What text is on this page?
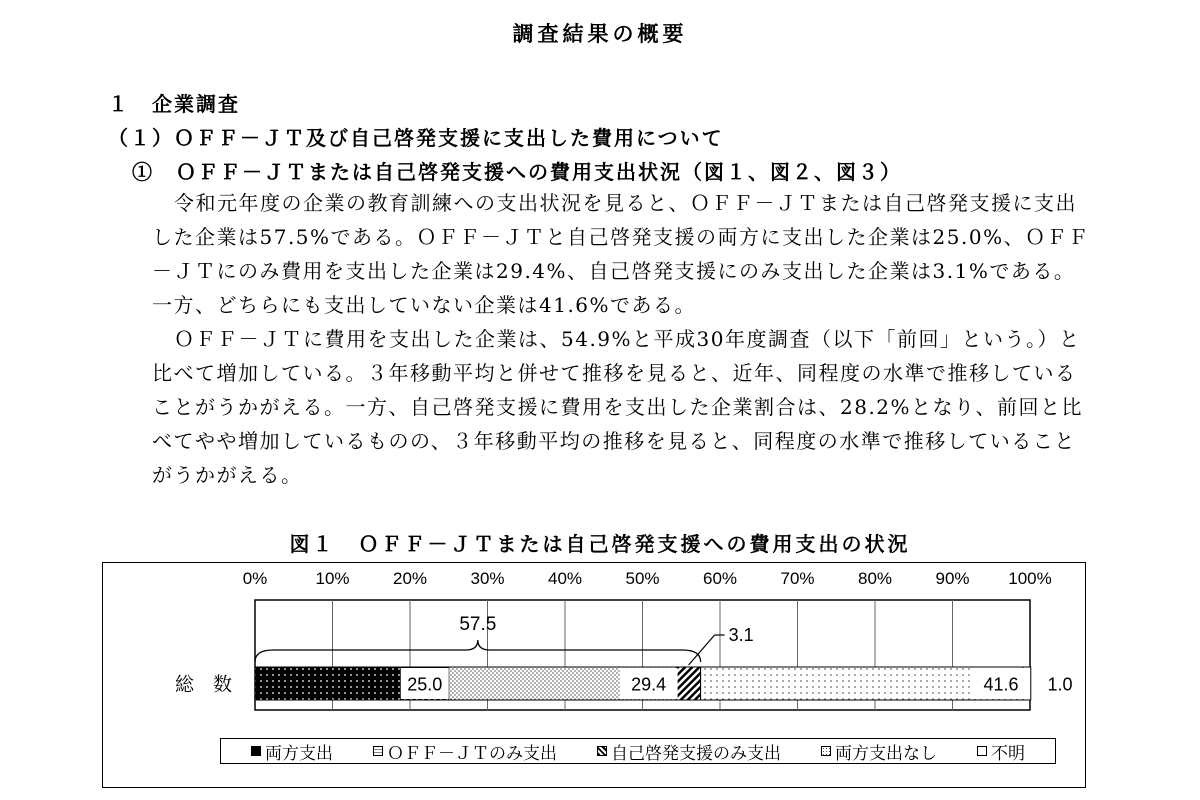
調査結果の概要
１　企業調査
（１）ＯＦＦ－ＪＴ及び自己啓発支援に支出した費用について
①　ＯＦＦ－ＪＴまたは自己啓発支援への費用支出状況（図１、図２、図３）
令和元年度の企業の教育訓練への支出状況を見ると、ＯＦＦ－ＪＴまたは自己啓発支援に支出した企業は57.5%である。ＯＦＦ－ＪＴと自己啓発支援の両方に支出した企業は25.0%、ＯＦＦ－ＪＴにのみ費用を支出した企業は29.4%、自己啓発支援にのみ支出した企業は3.1%である。一方、どちらにも支出していない企業は41.6%である。
ＯＦＦ－ＪＴに費用を支出した企業は、54.9%と平成30年度調査（以下「前回」という。）と比べて増加している。３年移動平均と併せて推移を見ると、近年、同程度の水準で推移していることがうかがえる。一方、自己啓発支援に費用を支出した企業割合は、28.2%となり、前回と比べてやや増加しているものの、３年移動平均の推移を見ると、同程度の水準で推移していることがうかがえる。
図１　ＯＦＦ－ＪＴまたは自己啓発支援への費用支出の状況
0%	10%	20%	30%	40%	50%	60%	70%	80%	90% 100%
総　数	25.0	29.4	41.6 1.0
3.1
57.5
両方支出	ＯＦＦ－ＪＴのみ支出	自己啓発支援のみ支出	両方支出なし	不明
